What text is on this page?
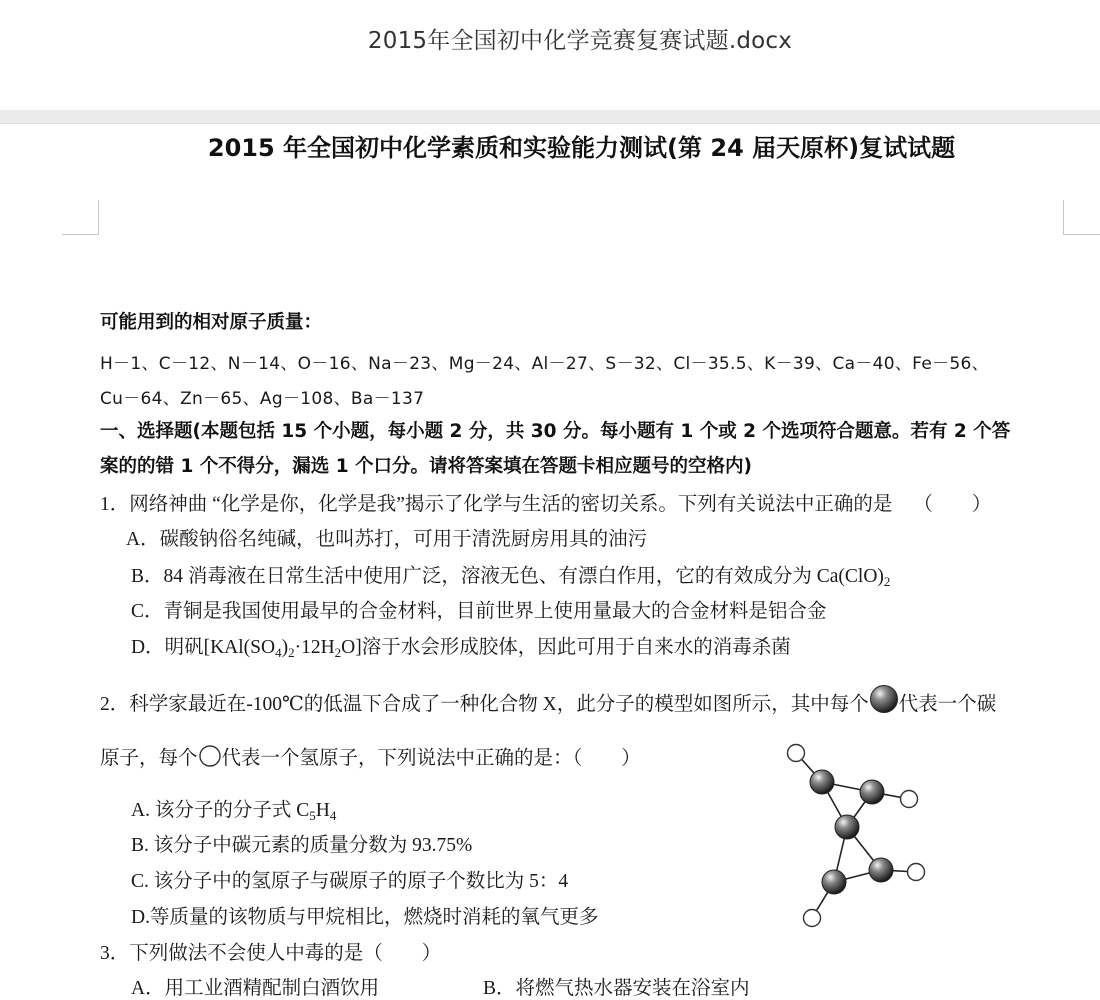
2015年全国初中化学竞赛复赛试题.docx
2015 年全国初中化学素质和实验能力测试(第 24 届天原杯)复试试题
可能用到的相对原子质量：
H－1、C－12、N－14、O－16、Na－23、Mg－24、Al－27、S－32、Cl－35.5、K－39、Ca－40、Fe－56、
Cu－64、Zn－65、Ag－108、Ba－137
一、选择题(本题包括 15 个小题，每小题 2 分，共 30 分。每小题有 1 个或 2 个选项符合题意。若有 2 个答
案的的错 1 个不得分，漏选 1 个口分。请将答案填在答题卡相应题号的空格内)
1．网络神曲 “化学是你，化学是我”揭示了化学与生活的密切关系。下列有关说法中正确的是 （　　）
A．碳酸钠俗名纯碱，也叫苏打，可用于清洗厨房用具的油污
B．84 消毒液在日常生活中使用广泛，溶液无色、有漂白作用，它的有效成分为 $Ca(ClO)_2$
C．青铜是我国使用最早的合金材料，目前世界上使用量最大的合金材料是铝合金
D．明矾$[KAl(SO_4)_2\cdot 12H_2O]$溶于水会形成胶体，因此可用于自来水的消毒杀菌
2．科学家最近在-100℃的低温下合成了一种化合物 X，此分子的模型如图所示，其中每个 代表一个碳
原子，每个 代表一个氢原子，下列说法中正确的是：（　　）
A. 该分子的分子式 $C_5H_4$
B. 该分子中碳元素的质量分数为 93.75%
C. 该分子中的氢原子与碳原子的原子个数比为 5：4
D.等质量的该物质与甲烷相比，燃烧时消耗的氧气更多
3．下列做法不会使人中毒的是（　　）
A．用工业酒精配制白酒饮用	B．将燃气热水器安装在浴室内
